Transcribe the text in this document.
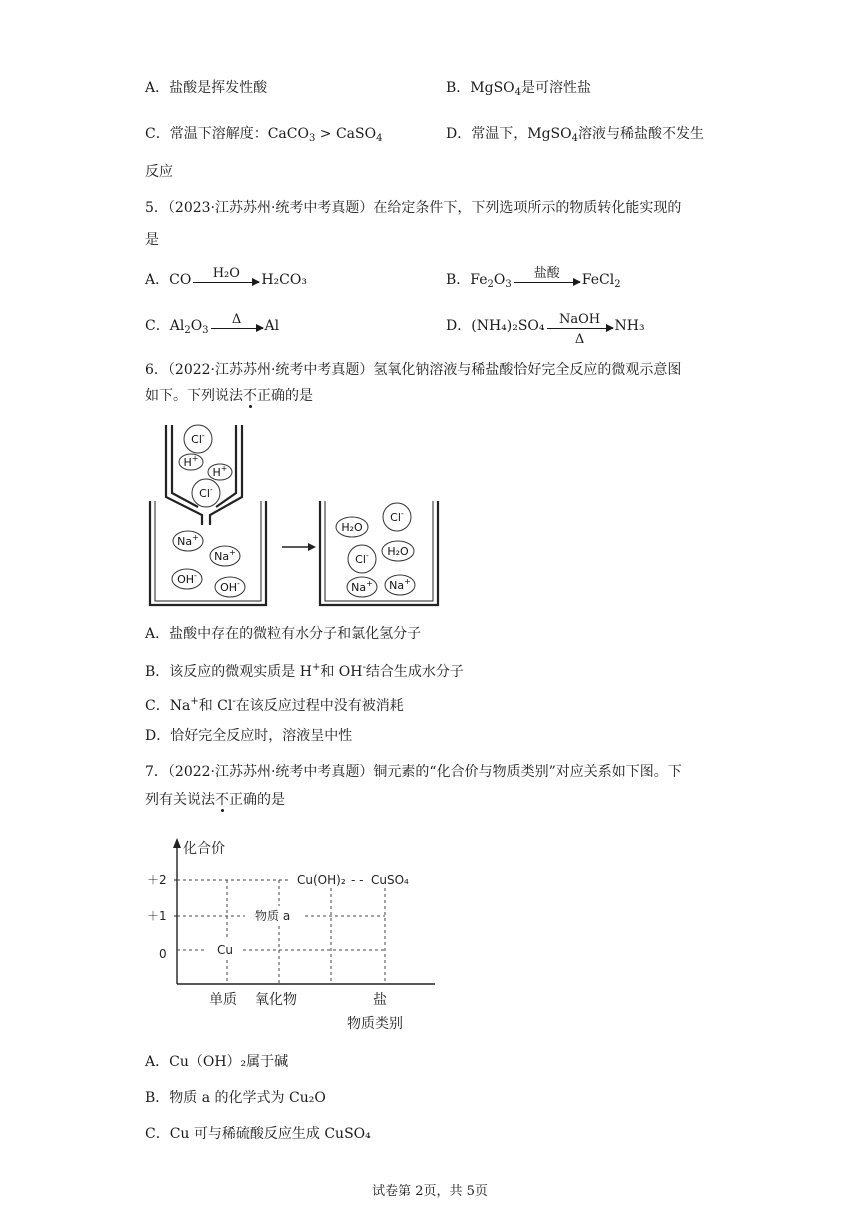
A．盐酸是挥发性酸	B．MgSO$_4$是可溶性盐
C．常温下溶解度：CaCO$_3$ > CaSO$_4$	D．常温下，MgSO$_4$溶液与稀盐酸不发生
反应
5．（2023·江苏苏州·统考中考真题）在给定条件下，下列选项所示的物质转化能实现的
是
A．CO	H₂O	H₂CO₃	B．$Fe_2O_3$
盐酸	FeCl$_2$
C．$Al_2O_3$
Δ	Al	D．(NH₄)₂SO₄	NaOH
Δ
NH₃
6．（2022·江苏苏州·统考中考真题）氢氧化钠溶液与稀盐酸恰好完全反应的微观示意图
如下。下列说法不正确的是
Cl-
H+
H+
Cl-
Na+
Na+
OH-
OH-
H₂O
Cl-
Cl- H₂O
Na+ Na+
A．盐酸中存在的微粒有水分子和氯化氢分子
B．该反应的微观实质是 H+和 OH-结合生成水分子
C．Na+和 Cl-在该反应过程中没有被消耗
D．恰好完全反应时，溶液呈中性
7．（2022·江苏苏州·统考中考真题）铜元素的“化合价与物质类别”对应关系如下图。下
列有关说法不正确的是
化合价
＋2
＋1
0	Cu
物质 a
Cu(OH)₂ - - CuSO₄
单质 氧化物	盐
物质类别
A．Cu（OH）₂属于碱
B．物质 a 的化学式为 Cu₂O
C．Cu 可与稀硫酸反应生成 CuSO₄
试卷第 2页，共 5页
